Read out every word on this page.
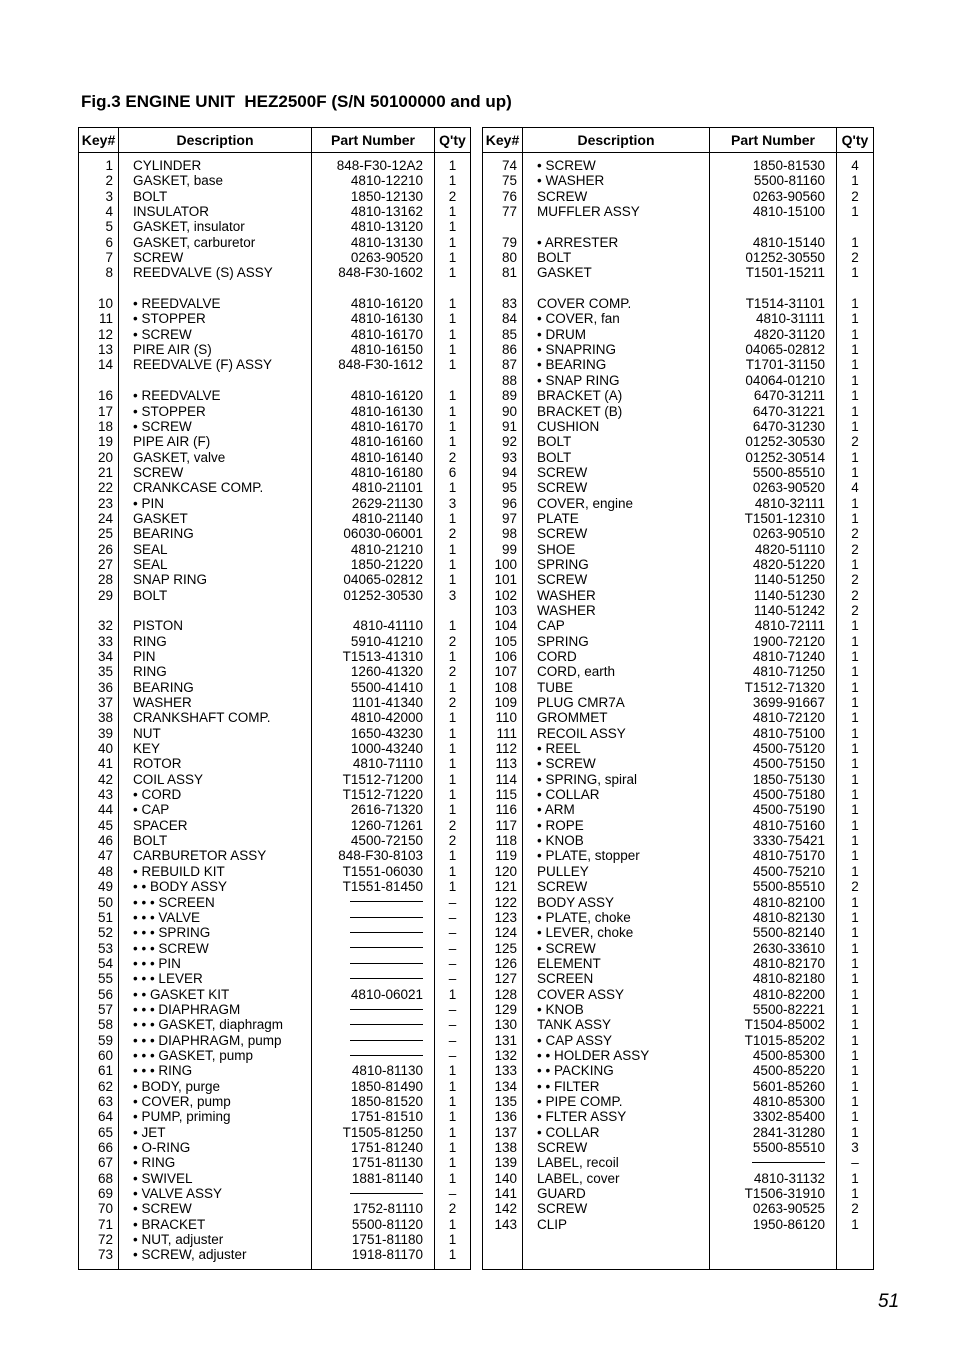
Fig.3 ENGINE UNIT  HEZ2500F (S/N 50100000 and up)
Key#	Description	Part Number	Q'ty
1	CYLINDER	848-F30-12A2	1
2	GASKET, base	4810-12210	1
3	BOLT	1850-12130	2
4	INSULATOR	4810-13162	1
5	GASKET, insulator	4810-13120	1
6	GASKET, carburetor	4810-13130	1
7	SCREW	0263-90520	1
8	REEDVALVE (S) ASSY	848-F30-1602	1

10	• REEDVALVE	4810-16120	1
11	• STOPPER	4810-16130	1
12	• SCREW	4810-16170	1
13	PIRE AIR (S)	4810-16150	1
14	REEDVALVE (F) ASSY	848-F30-1612	1

16	• REEDVALVE	4810-16120	1
17	• STOPPER	4810-16130	1
18	• SCREW	4810-16170	1
19	PIPE AIR (F)	4810-16160	1
20	GASKET, valve	4810-16140	2
21	SCREW	4810-16180	6
22	CRANKCASE COMP.	4810-21101	1
23	• PIN	2629-21130	3
24	GASKET	4810-21140	1
25	BEARING	06030-06001	2
26	SEAL	4810-21210	1
27	SEAL	1850-21220	1
28	SNAP RING	04065-02812	1
29	BOLT	01252-30530	3

32	PISTON	4810-41110	1
33	RING	5910-41210	2
34	PIN	T1513-41310	1
35	RING	1260-41320	2
36	BEARING	5500-41410	1
37	WASHER	1101-41340	2
38	CRANKSHAFT COMP.	4810-42000	1
39	NUT	1650-43230	1
40	KEY	1000-43240	1
41	ROTOR	4810-71110	1
42	COIL ASSY	T1512-71200	1
43	• CORD	T1512-71220	1
44	• CAP	2616-71320	1
45	SPACER	1260-71261	2
46	BOLT	4500-72150	2
47	CARBURETOR ASSY	848-F30-8103	1
48	• REBUILD KIT	T1551-06030	1
49	• • BODY ASSY	T1551-81450	1
50	• • • SCREEN		–
51	• • • VALVE		–
52	• • • SPRING		–
53	• • • SCREW		–
54	• • • PIN		–
55	• • • LEVER		–
56	• • GASKET KIT	4810-06021	1
57	• • • DIAPHRAGM		–
58	• • • GASKET, diaphragm		–
59	• • • DIAPHRAGM, pump		–
60	• • • GASKET, pump		–
61	• • • RING	4810-81130	1
62	• BODY, purge	1850-81490	1
63	• COVER, pump	1850-81520	1
64	• PUMP, priming	1751-81510	1
65	• JET	T1505-81250	1
66	• O-RING	1751-81240	1
67	• RING	1751-81130	1
68	• SWIVEL	1881-81140	1
69	• VALVE ASSY		–
70	• SCREW	1752-81110	2
71	• BRACKET	5500-81120	1
72	• NUT, adjuster	1751-81180	1
73	• SCREW, adjuster	1918-81170	1
Key#	Description	Part Number	Q'ty
74	• SCREW	1850-81530	4
75	• WASHER	5500-81160	1
76	SCREW	0263-90560	2
77	MUFFLER ASSY	4810-15100	1

79	• ARRESTER	4810-15140	1
80	BOLT	01252-30550	2
81	GASKET	T1501-15211	1

83	COVER COMP.	T1514-31101	1
84	• COVER, fan	4810-31111	1
85	• DRUM	4820-31120	1
86	• SNAPRING	04065-02812	1
87	• BEARING	T1701-31150	1
88	• SNAP RING	04064-01210	1
89	BRACKET (A)	6470-31211	1
90	BRACKET (B)	6470-31221	1
91	CUSHION	6470-31230	1
92	BOLT	01252-30530	2
93	BOLT	01252-30514	1
94	SCREW	5500-85510	1
95	SCREW	0263-90520	4
96	COVER, engine	4810-32111	1
97	PLATE	T1501-12310	1
98	SCREW	0263-90510	2
99	SHOE	4820-51110	2
100	SPRING	4820-51220	1
101	SCREW	1140-51250	2
102	WASHER	1140-51230	2
103	WASHER	1140-51242	2
104	CAP	4810-72111	1
105	SPRING	1900-72120	1
106	CORD	4810-71240	1
107	CORD, earth	4810-71250	1
108	TUBE	T1512-71320	1
109	PLUG CMR7A	3699-91667	1
110	GROMMET	4810-72120	1
111	RECOIL ASSY	4810-75100	1
112	• REEL	4500-75120	1
113	• SCREW	4500-75150	1
114	• SPRING, spiral	1850-75130	1
115	• COLLAR	4500-75180	1
116	• ARM	4500-75190	1
117	• ROPE	4810-75160	1
118	• KNOB	3330-75421	1
119	• PLATE, stopper	4810-75170	1
120	PULLEY	4500-75210	1
121	SCREW	5500-85510	2
122	BODY ASSY	4810-82100	1
123	• PLATE, choke	4810-82130	1
124	• LEVER, choke	5500-82140	1
125	• SCREW	2630-33610	1
126	ELEMENT	4810-82170	1
127	SCREEN	4810-82180	1
128	COVER ASSY	4810-82200	1
129	• KNOB	5500-82221	1
130	TANK ASSY	T1504-85002	1
131	• CAP ASSY	T1015-85202	1
132	• • HOLDER ASSY	4500-85300	1
133	• • PACKING	4500-85220	1
134	• • FILTER	5601-85260	1
135	• PIPE COMP.	4810-85300	1
136	• FLTER ASSY	3302-85400	1
137	• COLLAR	2841-31280	1
138	SCREW	5500-85510	3
139	LABEL, recoil		–
140	LABEL, cover	4810-31132	1
141	GUARD	T1506-31910	1
142	SCREW	0263-90525	2
143	CLIP	1950-86120	1

51
